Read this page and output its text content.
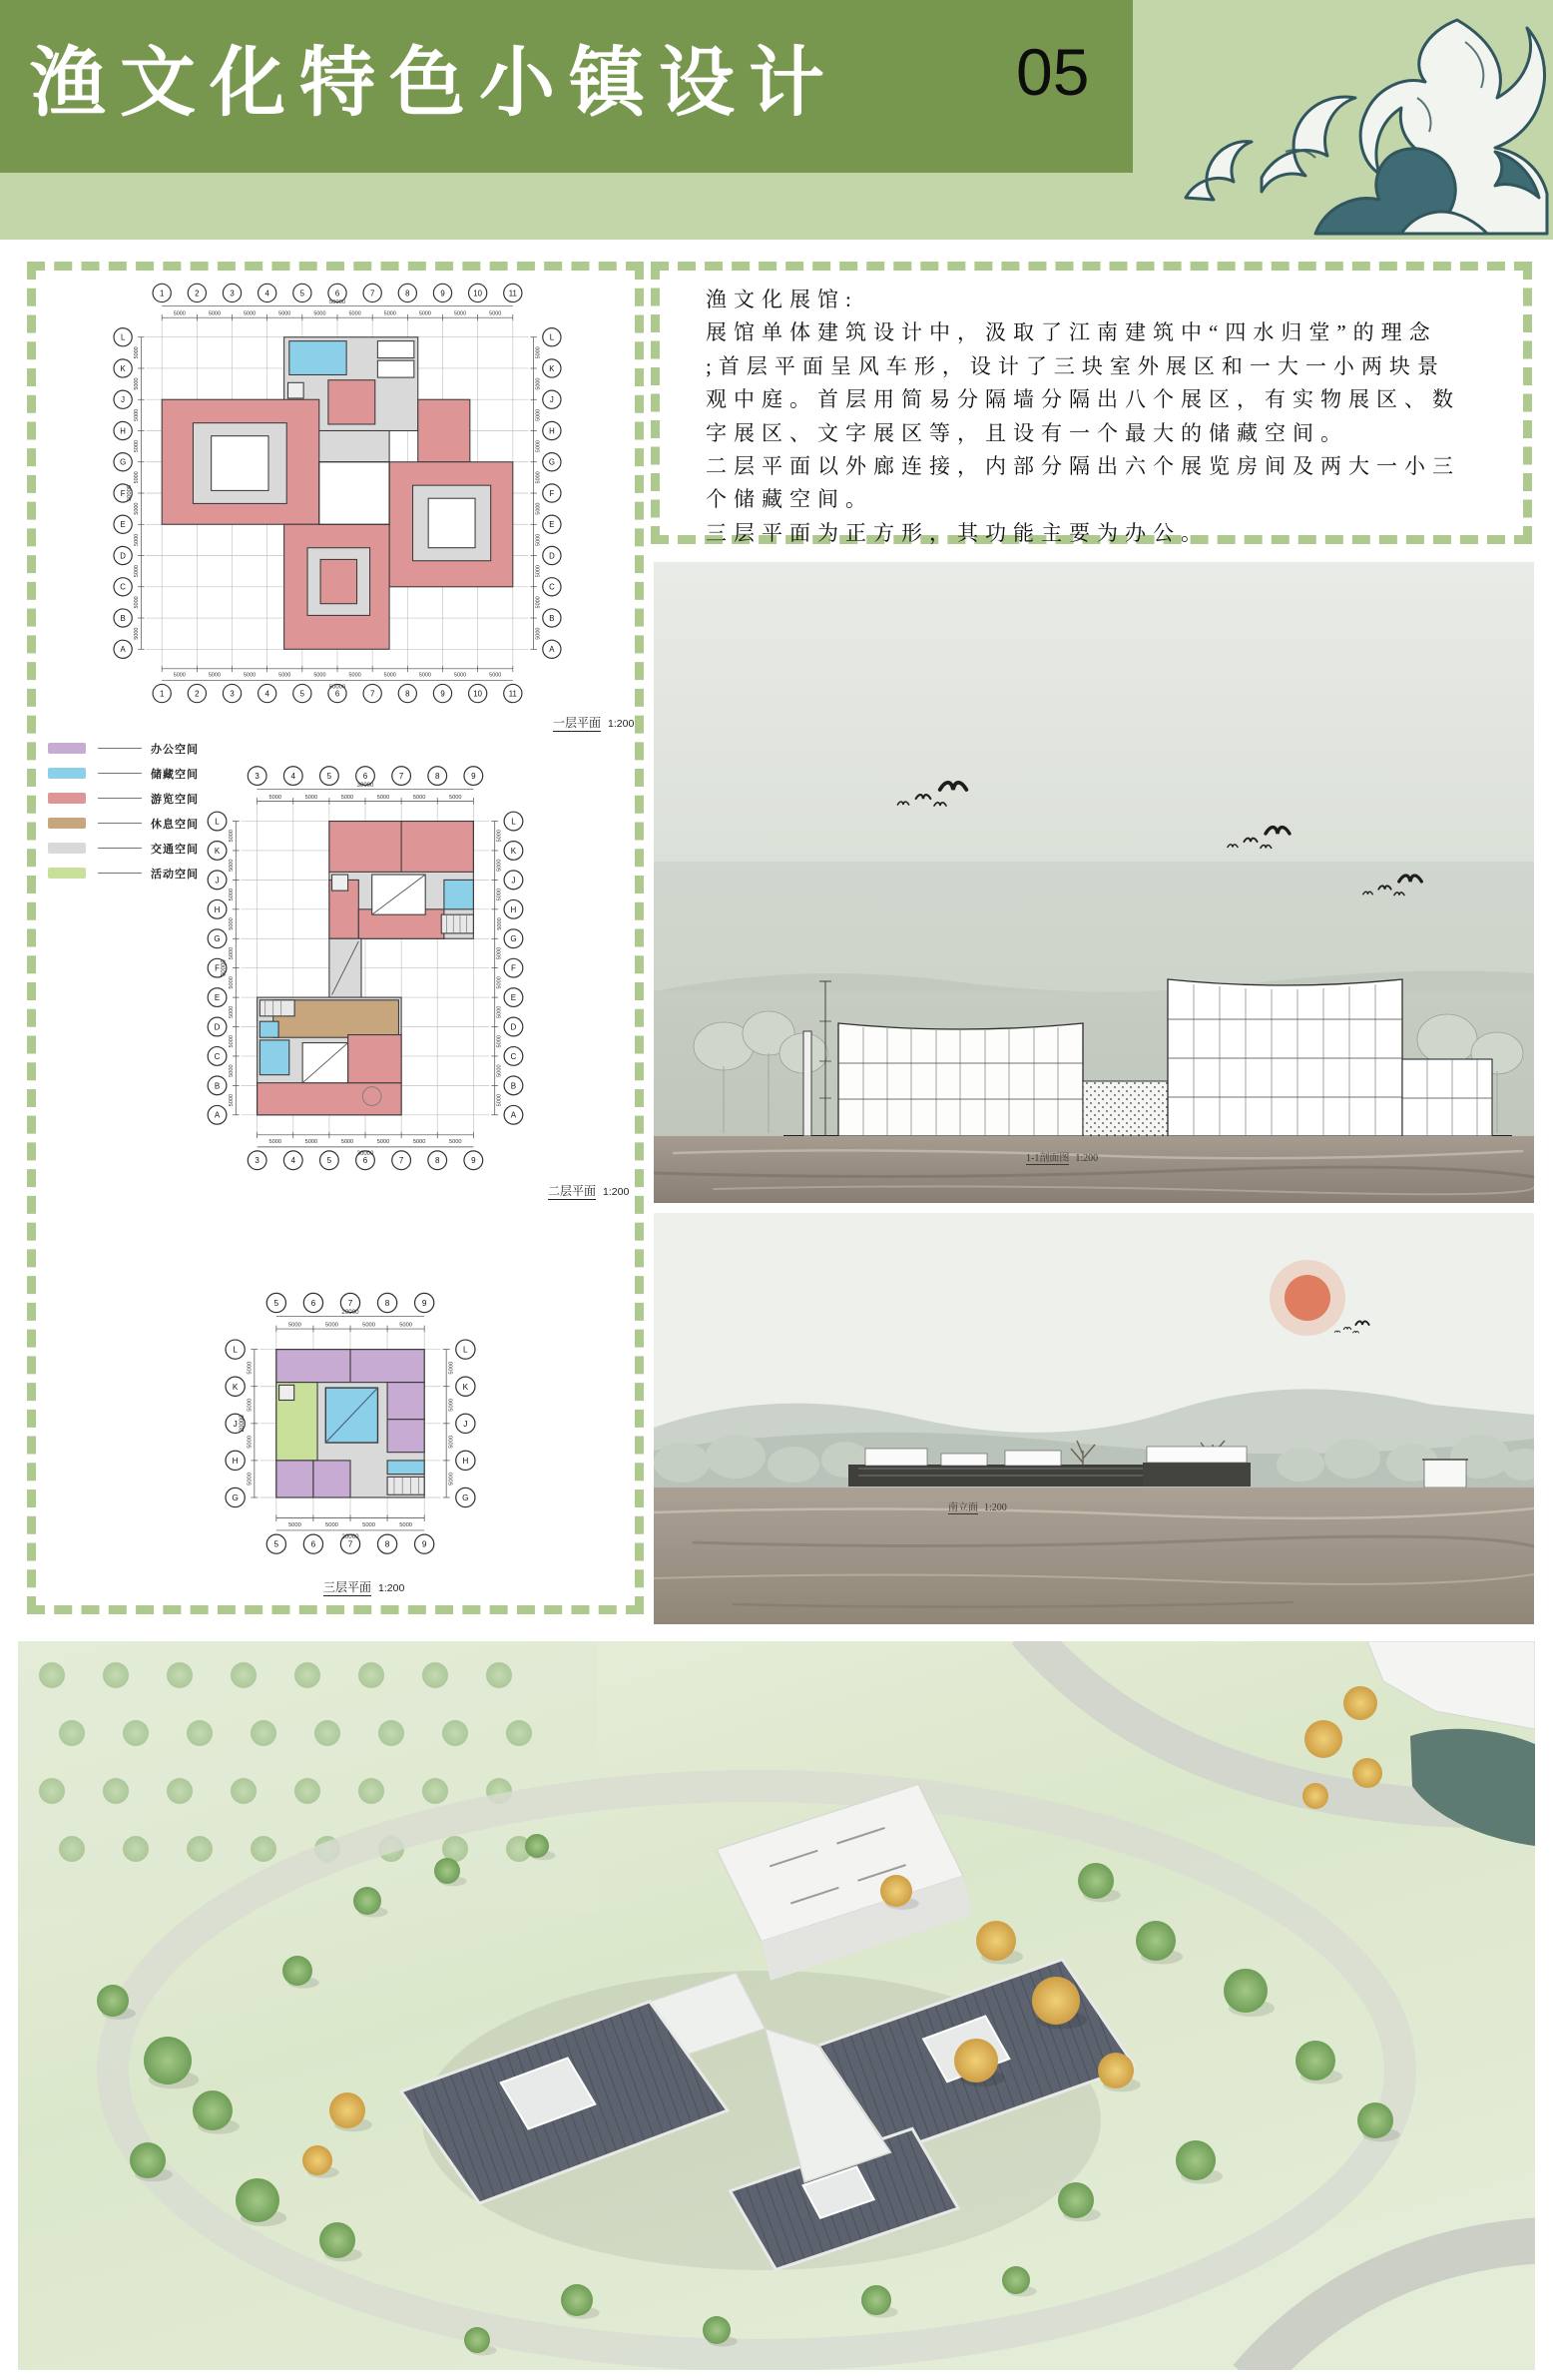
渔文化特色小镇设计	05
1
1
2
2
3
3
4
4
5
5
6
6
7
7
8
8
9
9
10
10
11
11
L	L
K	K
J	J
H	H
G	G
F	F
E	E
D	D
C	C
B	B
A	A
5000	5000	5000	5000	5000	5000	5000	5000	5000	5000
5000	5000	5000	5000	5000	5000	5000	5000	5000	5000
50000
50000
5000
5000
5000
5000
5000
5000
5000
5000
5000
5000
5000
5000
5000
5000
5000
5000
5000
5000
5000
5000
50000
一层平面 1:200
办公空间
储藏空间
游览空间
休息空间
交通空间
活动空间
3
3
4
4
5
5
6
6
7
7
8
8
9
9
L	L
K	K
J	J
H	H
G	G
F	F
E	E
D	D
C	C
B	B
A	A
5000	5000	5000	5000	5000	5000
5000	5000	5000	5000	5000	5000
30000
30000
5000
5000
5000
5000
5000
5000
5000
5000
5000
5000
5000
5000
5000
5000
5000
5000
5000
5000
5000
5000
50000
二层平面 1:200
5
5
6
6
7
7
8
8
9
9
L	L
K	K
J	J
H	H
G	G
5000	5000	5000	5000
5000	5000	5000	5000
20000
20000
5000
5000
5000
5000
5000
5000
5000
5000
20000
三层平面 1:200
渔文化展馆:
展馆单体建筑设计中，汲取了江南建筑中“四水归堂”的理念
;首层平面呈风车形，设计了三块室外展区和一大一小两块景
观中庭。首层用简易分隔墙分隔出八个展区，有实物展区、数
字展区、文字展区等，且设有一个最大的储藏空间。
二层平面以外廊连接，内部分隔出六个展览房间及两大一小三
个储藏空间。
三层平面为正方形，其功能主要为办公。
1-1剖面图 1:200
南立面 1:200
